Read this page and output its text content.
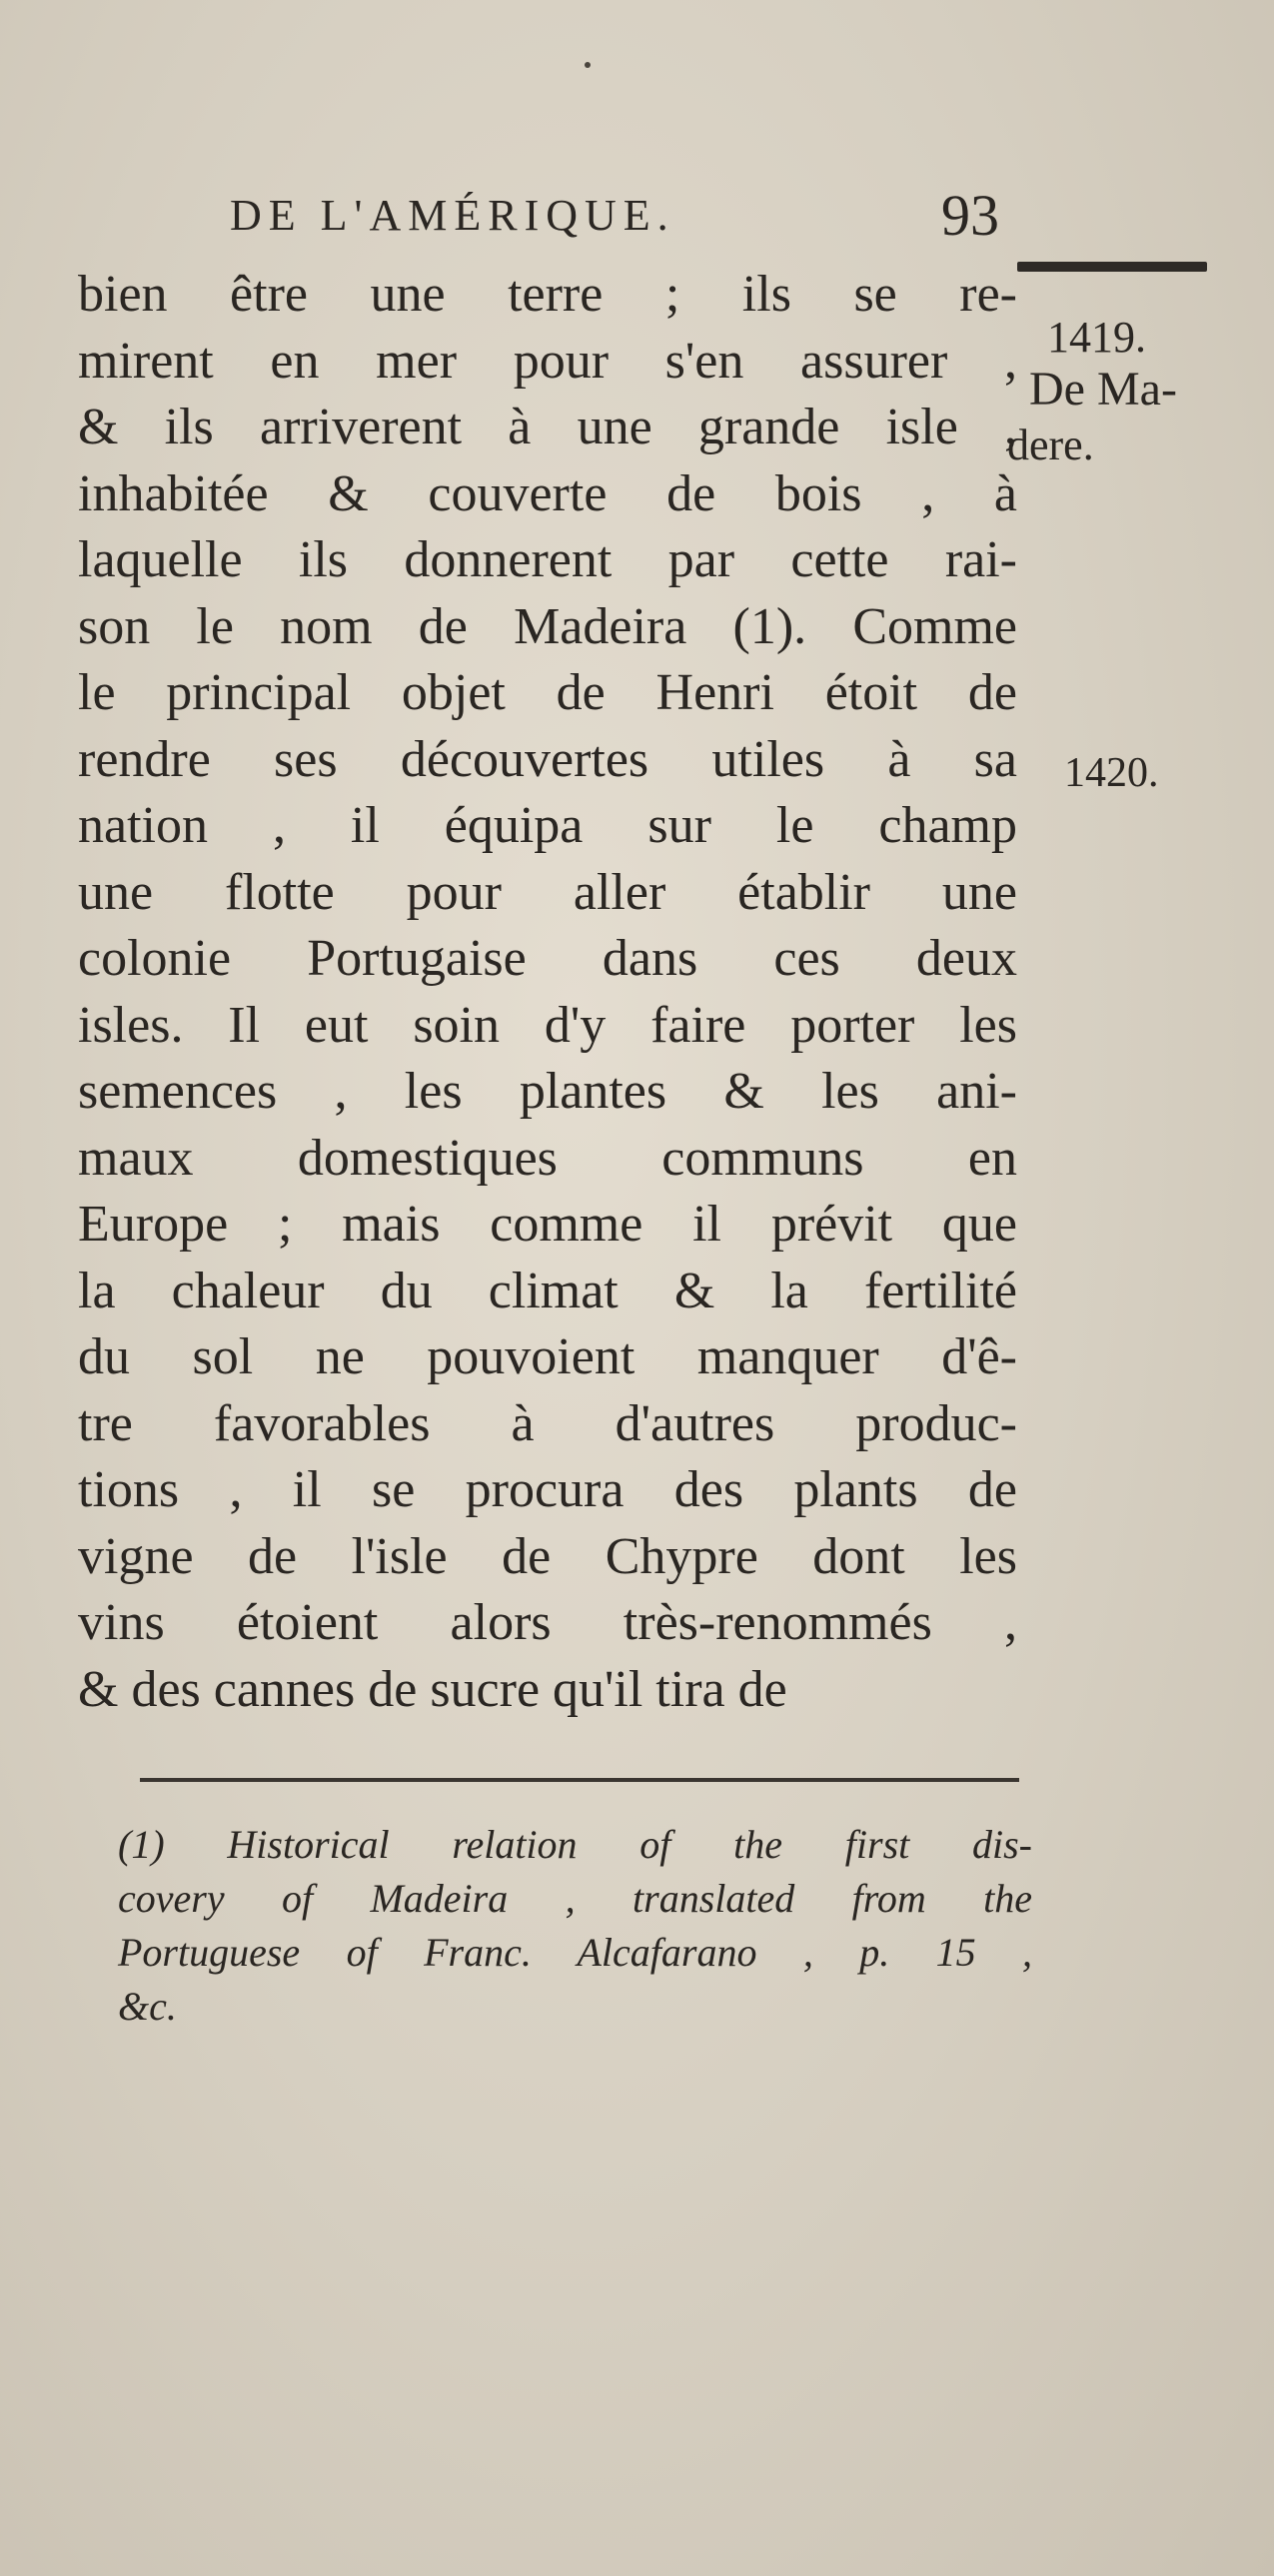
DE L'AMÉRIQUE.	93
1419.
De Ma-
dere.
1420.
bien être une terre ; ils se re-
mirent en mer pour s'en assurer ,
& ils arriverent à une grande isle ,
inhabitée & couverte de bois , à
laquelle ils donnerent par cette rai-
son le nom de Madeira (1). Comme
le principal objet de Henri étoit de
rendre ses découvertes utiles à sa
nation , il équipa sur le champ
une flotte pour aller établir une
colonie Portugaise dans ces deux
isles. Il eut soin d'y faire porter les
semences , les plantes & les ani-
maux domestiques communs en
Europe ; mais comme il prévit que
la chaleur du climat & la fertilité
du sol ne pouvoient manquer d'ê-
tre favorables à d'autres produc-
tions , il se procura des plants de
vigne de l'isle de Chypre dont les
vins étoient alors très-renommés ,
& des cannes de sucre qu'il tira de
(1) Historical relation of the first dis-
covery of Madeira , translated from the
Portuguese of Franc. Alcafarano , p. 15 ,
&c.
